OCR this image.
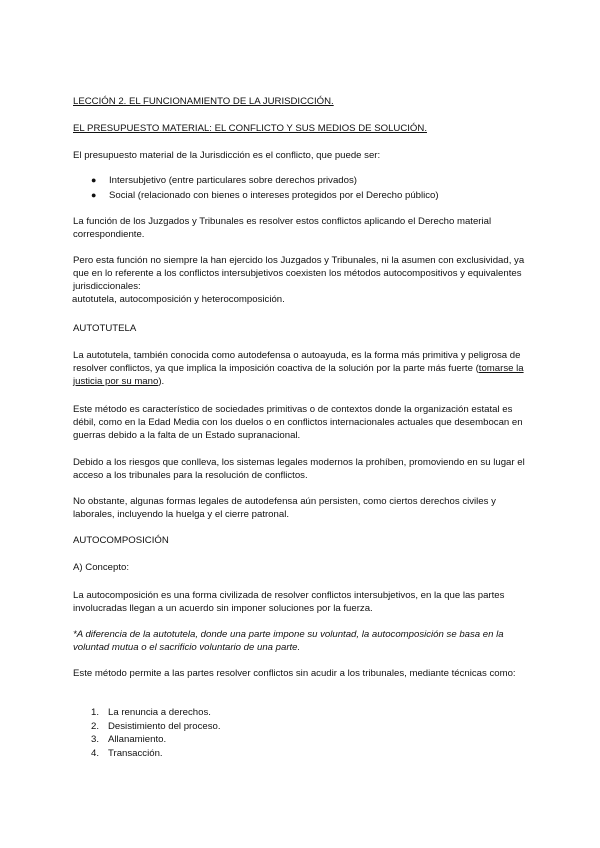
LECCIÓN 2. EL FUNCIONAMIENTO DE LA JURISDICCIÓN.

EL PRESUPUESTO MATERIAL: EL CONFLICTO Y SUS MEDIOS DE SOLUCIÓN.

El presupuesto material de la Jurisdicción es el conflicto, que puede ser:

● Intersubjetivo (entre particulares sobre derechos privados)
● Social (relacionado con bienes o intereses protegidos por el Derecho público)

La función de los Juzgados y Tribunales es resolver estos conflictos aplicando el Derecho material correspondiente.

Pero esta función no siempre la han ejercido los Juzgados y Tribunales, ni la asumen con exclusividad, ya que en lo referente a los conflictos intersubjetivos coexisten los métodos autocompositivos y equivalentes jurisdiccionales:
autotutela, autocomposición y heterocomposición.

AUTOTUTELA

La autotutela, también conocida como autodefensa o autoayuda, es la forma más primitiva y peligrosa de resolver conflictos, ya que implica la imposición coactiva de la solución por la parte más fuerte (tomarse la justicia por su mano).

Este método es característico de sociedades primitivas o de contextos donde la organización estatal es débil, como en la Edad Media con los duelos o en conflictos internacionales actuales que desembocan en guerras debido a la falta de un Estado supranacional.

Debido a los riesgos que conlleva, los sistemas legales modernos la prohíben, promoviendo en su lugar el acceso a los tribunales para la resolución de conflictos.

No obstante, algunas formas legales de autodefensa aún persisten, como ciertos derechos civiles y laborales, incluyendo la huelga y el cierre patronal.

AUTOCOMPOSICIÓN

A) Concepto:

La autocomposición es una forma civilizada de resolver conflictos intersubjetivos, en la que las partes involucradas llegan a un acuerdo sin imponer soluciones por la fuerza.

*A diferencia de la autotutela, donde una parte impone su voluntad, la autocomposición se basa en la voluntad mutua o el sacrificio voluntario de una parte.

Este método permite a las partes resolver conflictos sin acudir a los tribunales, mediante técnicas como:

1. La renuncia a derechos.
2. Desistimiento del proceso.
3. Allanamiento.
4. Transacción.
